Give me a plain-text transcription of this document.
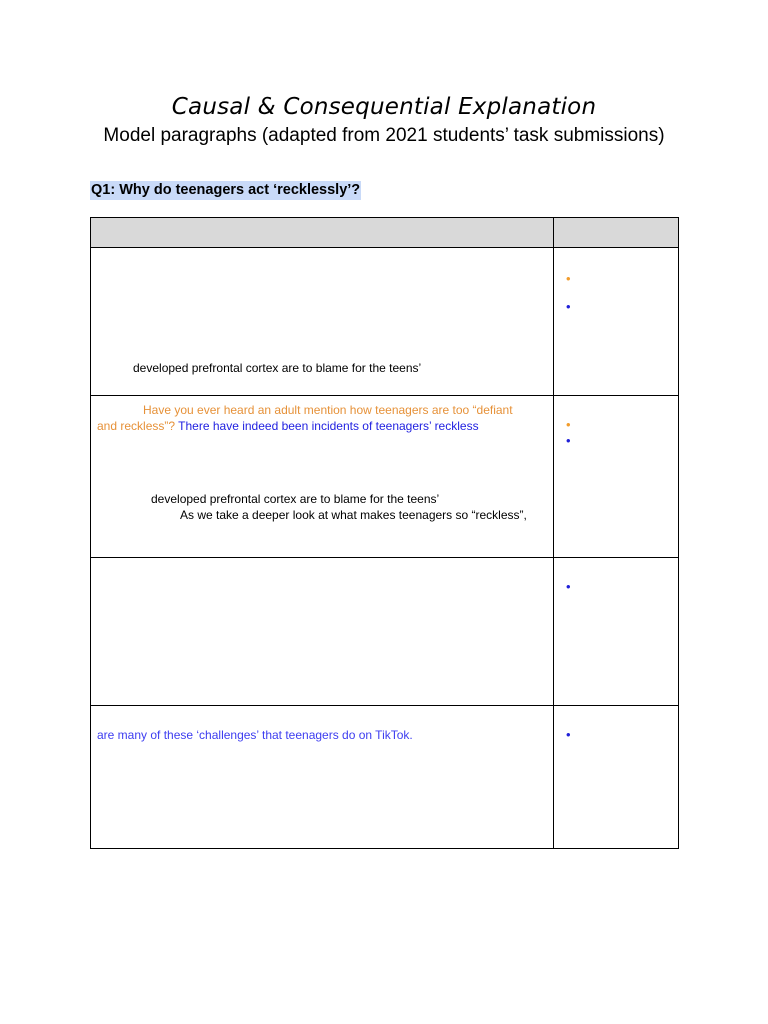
Causal & Consequential Explanation
Model paragraphs (adapted from 2021 students’ task submissions)
Q1: Why do teenagers act ‘recklessly’?

developed prefrontal cortex are to blame for the teens’	•
•

Have you ever heard an adult mention how teenagers are too “defiant
and reckless”? There have indeed been incidents of teenagers’ reckless
developed prefrontal cortex are to blame for the teens’
As we take a deeper look at what makes teenagers so “reckless”,	•
•

	•

are many of these ‘challenges’ that teenagers do on TikTok.	•
